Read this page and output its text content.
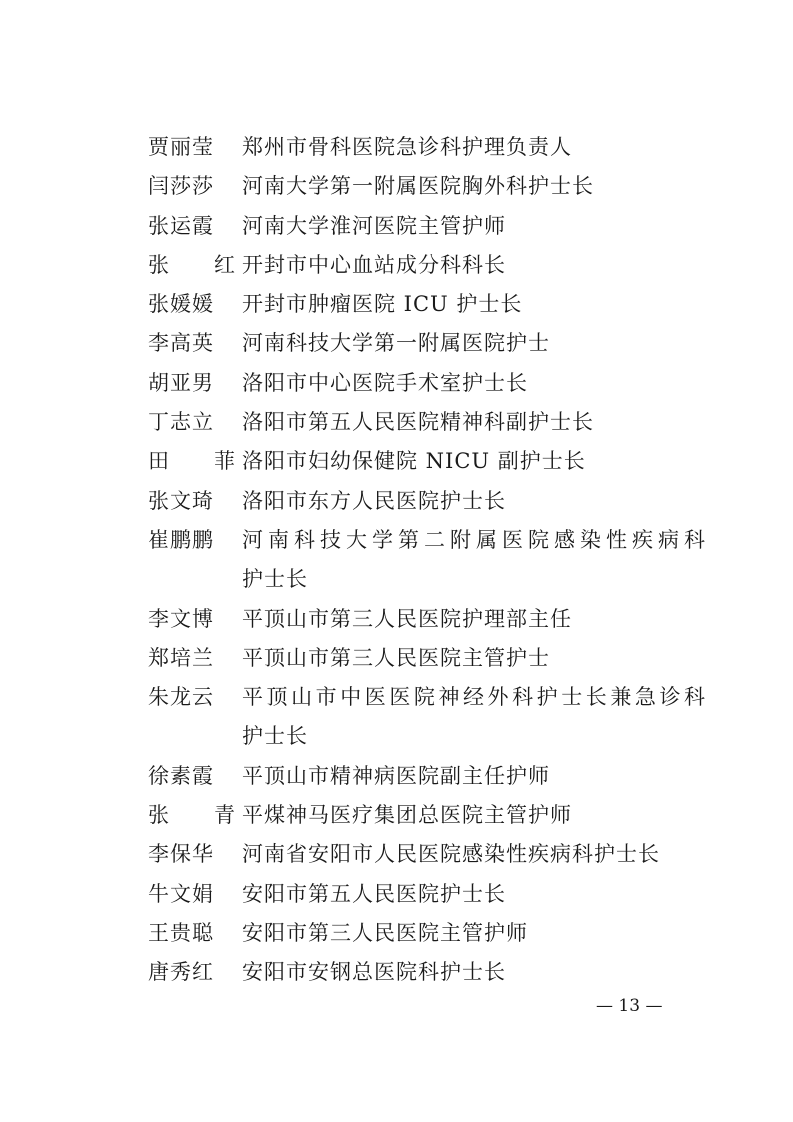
贾丽莹	郑州市骨科医院急诊科护理负责人
闫莎莎	河南大学第一附属医院胸外科护士长
张运霞	河南大学淮河医院主管护师
张　　红 开封市中心血站成分科科长
张媛媛	开封市肿瘤医院 ICU 护士长
李高英	河南科技大学第一附属医院护士
胡亚男	洛阳市中心医院手术室护士长
丁志立	洛阳市第五人民医院精神科副护士长
田　　菲 洛阳市妇幼保健院 NICU 副护士长
张文琦	洛阳市东方人民医院护士长
崔鹏鹏	河南科技大学第二附属医院感染性疾病科
护士长
李文博	平顶山市第三人民医院护理部主任
郑培兰	平顶山市第三人民医院主管护士
朱龙云	平顶山市中医医院神经外科护士长兼急诊科
护士长
徐素霞	平顶山市精神病医院副主任护师
张　　青 平煤神马医疗集团总医院主管护师
李保华	河南省安阳市人民医院感染性疾病科护士长
牛文娟	安阳市第五人民医院护士长
王贵聪	安阳市第三人民医院主管护师
唐秀红	安阳市安钢总医院科护士长
— 13 —
